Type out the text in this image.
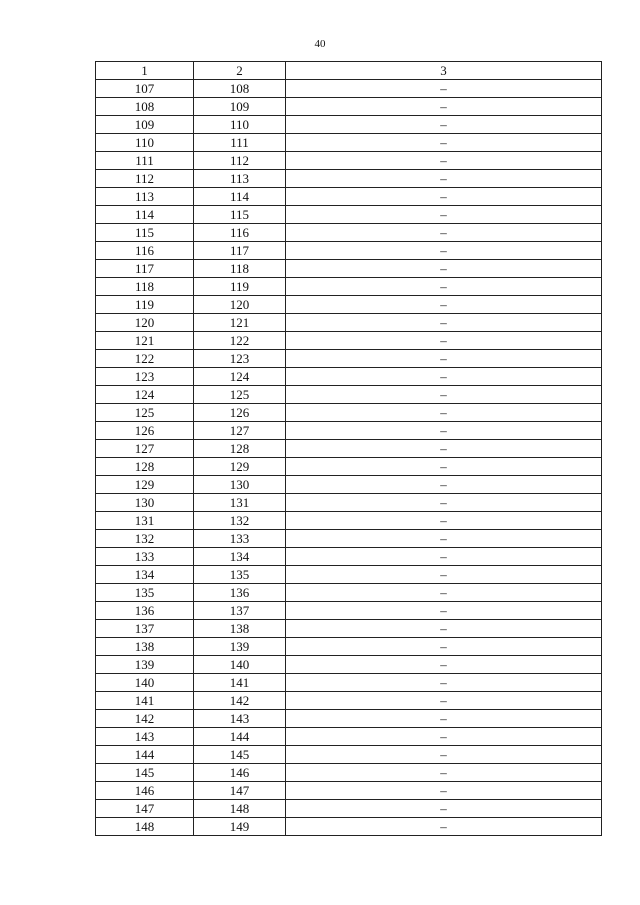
40
1	2	3
107	108	–
108	109	–
109	110	–
110	111	–
111	112	–
112	113	–
113	114	–
114	115	–
115	116	–
116	117	–
117	118	–
118	119	–
119	120	–
120	121	–
121	122	–
122	123	–
123	124	–
124	125	–
125	126	–
126	127	–
127	128	–
128	129	–
129	130	–
130	131	–
131	132	–
132	133	–
133	134	–
134	135	–
135	136	–
136	137	–
137	138	–
138	139	–
139	140	–
140	141	–
141	142	–
142	143	–
143	144	–
144	145	–
145	146	–
146	147	–
147	148	–
148	149	–
